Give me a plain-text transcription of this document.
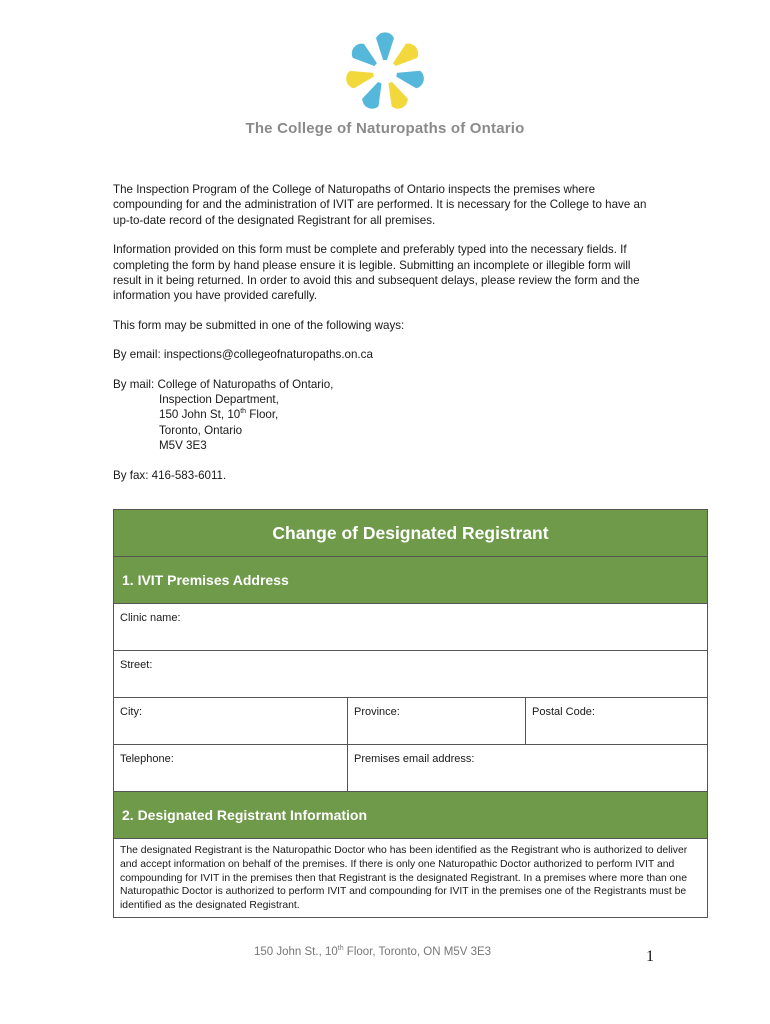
The College of Naturopaths of Ontario

The Inspection Program of the College of Naturopaths of Ontario inspects the premises where compounding for and the administration of IVIT are performed. It is necessary for the College to have an up-to-date record of the designated Registrant for all premises.

Information provided on this form must be complete and preferably typed into the necessary fields. If completing the form by hand please ensure it is legible. Submitting an incomplete or illegible form will result in it being returned. In order to avoid this and subsequent delays, please review the form and the information you have provided carefully.

This form may be submitted in one of the following ways:

By email: inspections@collegeofnaturopaths.on.ca

By mail: College of Naturopaths of Ontario,
Inspection Department,
150 John St, 10th Floor,
Toronto, Ontario
M5V 3E3

By fax: 416-583-6011.

Change of Designated Registrant
1. IVIT Premises Address
Clinic name:
Street:
City:	Province:	Postal Code:
Telephone:	Premises email address:
2. Designated Registrant Information
The designated Registrant is the Naturopathic Doctor who has been identified as the Registrant who is authorized to deliver and accept information on behalf of the premises. If there is only one Naturopathic Doctor authorized to perform IVIT and compounding for IVIT in the premises then that Registrant is the designated Registrant. In a premises where more than one Naturopathic Doctor is authorized to perform IVIT and compounding for IVIT in the premises one of the Registrants must be identified as the designated Registrant.
150 John St., 10th Floor, Toronto, ON M5V 3E3	1
